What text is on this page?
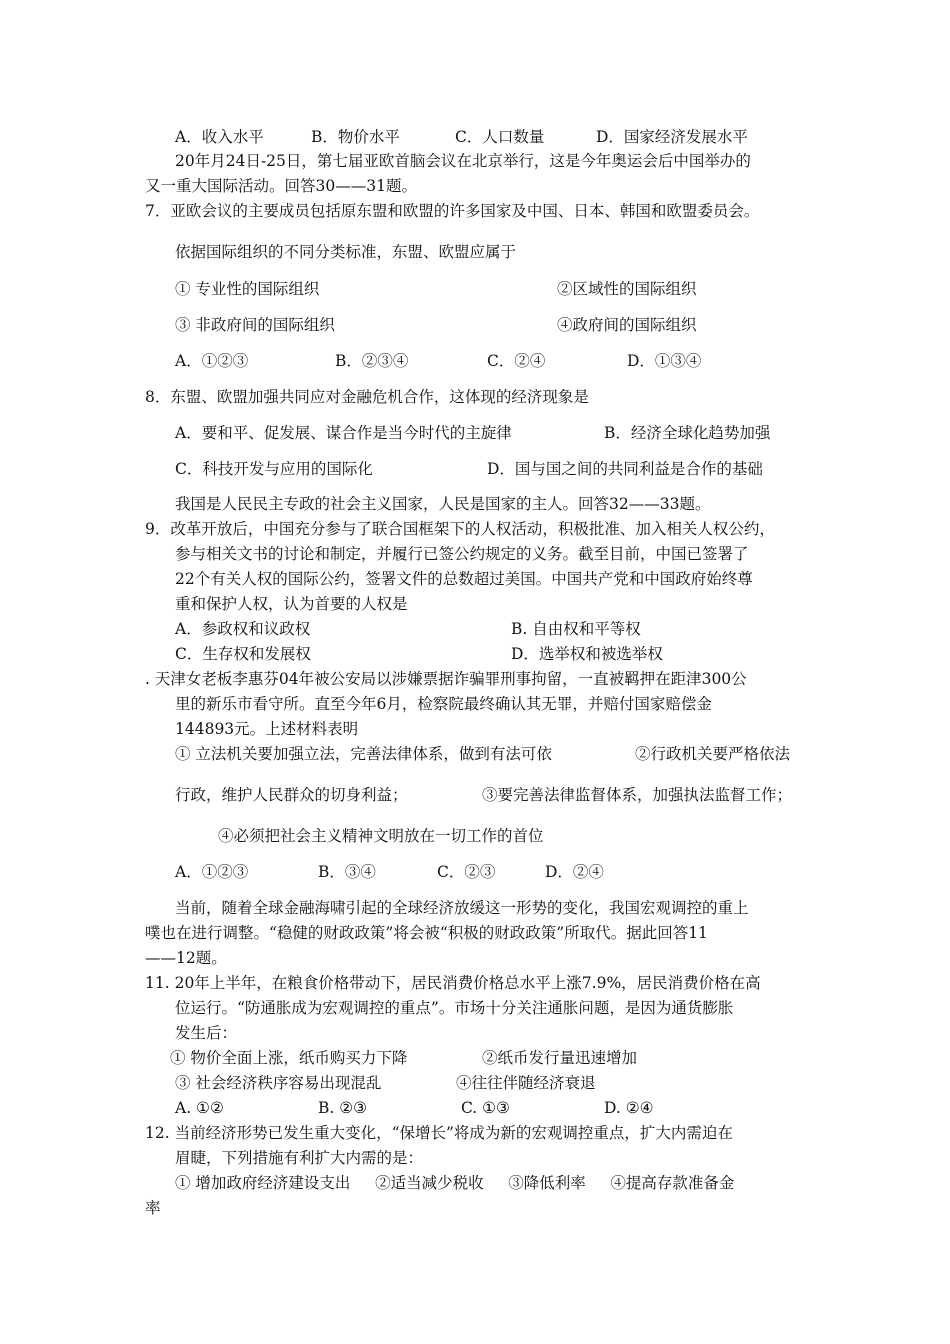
A．收入水平	B．物价水平	C．人口数量	D．国家经济发展水平
20年月24日-25日，第七届亚欧首脑会议在北京举行，这是今年奥运会后中国举办的
又一重大国际活动。回答30——31题。
7．亚欧会议的主要成员包括原东盟和欧盟的许多国家及中国、日本、韩国和欧盟委员会。
依据国际组织的不同分类标准，东盟、欧盟应属于
① 专业性的国际组织	②区域性的国际组织
③ 非政府间的国际组织	④政府间的国际组织
A．①②③	B．②③④	C．②④	D．①③④
8．东盟、欧盟加强共同应对金融危机合作，这体现的经济现象是
A．要和平、促发展、谋合作是当今时代的主旋律	B．经济全球化趋势加强
C．科技开发与应用的国际化	D．国与国之间的共同利益是合作的基础
我国是人民民主专政的社会主义国家，人民是国家的主人。回答32——33题。
9．改革开放后，中国充分参与了联合国框架下的人权活动，积极批准、加入相关人权公约，
参与相关文书的讨论和制定，并履行已签公约规定的义务。截至目前，中国已签署了
22个有关人权的国际公约，签署文件的总数超过美国。中国共产党和中国政府始终尊
重和保护人权，认为首要的人权是
A．参政权和议政权	B. 自由权和平等权
C．生存权和发展权	D．选举权和被选举权
. 天津女老板李惠芬04年被公安局以涉嫌票据诈骗罪刑事拘留，一直被羁押在距津300公
里的新乐市看守所。直至今年6月，检察院最终确认其无罪，并赔付国家赔偿金
144893元。上述材料表明
① 立法机关要加强立法，完善法律体系，做到有法可依	②行政机关要严格依法
行政，维护人民群众的切身利益；	③要完善法律监督体系，加强执法监督工作；
④必须把社会主义精神文明放在一切工作的首位
A．①②③	B．③④	C．②③	D．②④
当前，随着全球金融海啸引起的全球经济放缓这一形势的变化，我国宏观调控的重上
噗也在进行调整。“稳健的财政政策”将会被“积极的财政政策”所取代。据此回答11
——12题。
11. 20年上半年，在粮食价格带动下，居民消费价格总水平上涨7.9%，居民消费价格在高
位运行。“防通胀成为宏观调控的重点”。市场十分关注通胀问题，是因为通货膨胀
发生后：
① 物价全面上涨，纸币购买力下降	②纸币发行量迅速增加
③ 社会经济秩序容易出现混乱	④往往伴随经济衰退
A. ①②	B. ②③	C. ①③	D. ②④
12. 当前经济形势已发生重大变化，“保增长”将成为新的宏观调控重点，扩大内需迫在
眉睫，下列措施有利扩大内需的是：
① 增加政府经济建设支出     ②适当减少税收     ③降低利率     ④提高存款准备金
率
